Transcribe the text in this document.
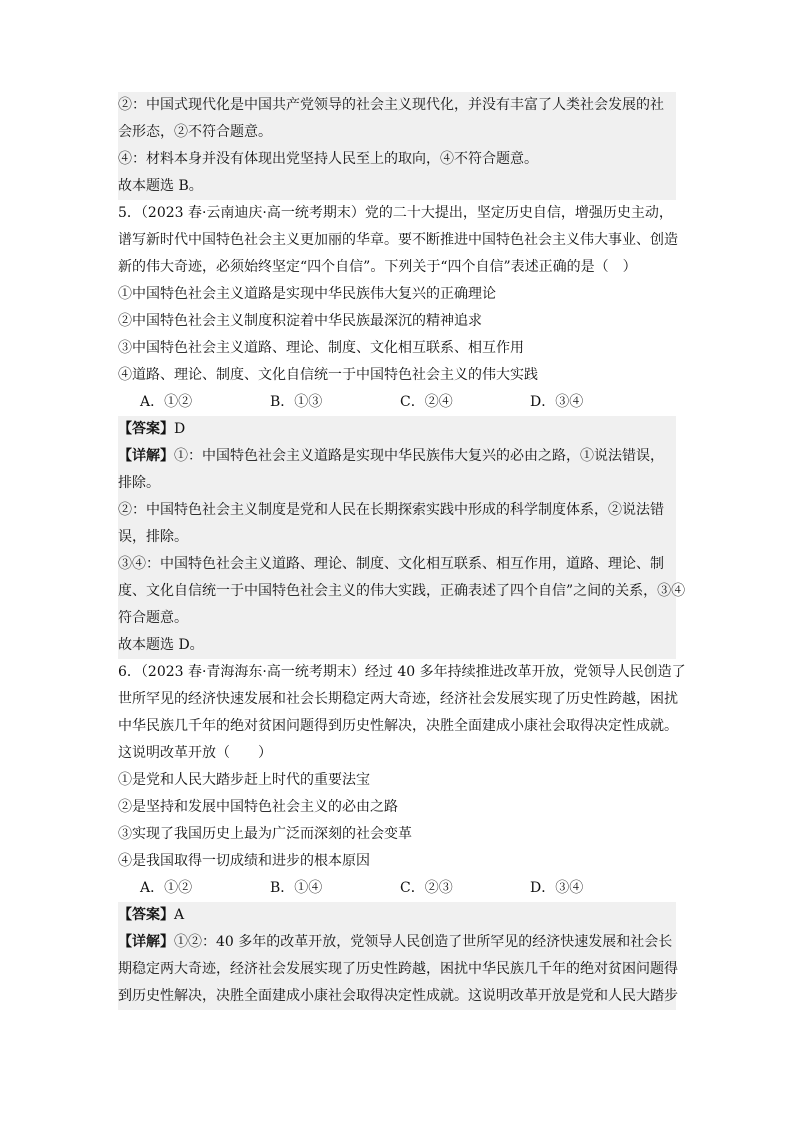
②：中国式现代化是中国共产党领导的社会主义现代化，并没有丰富了人类社会发展的社
会形态，②不符合题意。
④：材料本身并没有体现出党坚持人民至上的取向，④不符合题意。
故本题选 B。
5．（2023 春·云南迪庆·高一统考期末）党的二十大提出，坚定历史自信，增强历史主动，
谱写新时代中国特色社会主义更加丽的华章。要不断推进中国特色社会主义伟大事业、创造
新的伟大奇迹，必须始终坚定“四个自信”。下列关于“四个自信”表述正确的是（　）
①中国特色社会主义道路是实现中华民族伟大复兴的正确理论
②中国特色社会主义制度积淀着中华民族最深沉的精神追求
③中国特色社会主义道路、理论、制度、文化相互联系、相互作用
④道路、理论、制度、文化自信统一于中国特色社会主义的伟大实践
A．①②	B．①③	C．②④	D．③④
【答案】D
【详解】①：中国特色社会主义道路是实现中华民族伟大复兴的必由之路，①说法错误，
排除。
②：中国特色社会主义制度是党和人民在长期探索实践中形成的科学制度体系，②说法错
误，排除。
③④：中国特色社会主义道路、理论、制度、文化相互联系、相互作用，道路、理论、制
度、文化自信统一于中国特色社会主义的伟大实践，正确表述了四个自信”之间的关系，③④
符合题意。
故本题选 D。
6．（2023 春·青海海东·高一统考期末）经过 40 多年持续推进改革开放，党领导人民创造了
世所罕见的经济快速发展和社会长期稳定两大奇迹，经济社会发展实现了历史性跨越，困扰
中华民族几千年的绝对贫困问题得到历史性解决，决胜全面建成小康社会取得决定性成就。
这说明改革开放（　　）
①是党和人民大踏步赶上时代的重要法宝
②是坚持和发展中国特色社会主义的必由之路
③实现了我国历史上最为广泛而深刻的社会变革
④是我国取得一切成绩和进步的根本原因
A．①②	B．①④	C．②③	D．③④
【答案】A
【详解】①②：40 多年的改革开放，党领导人民创造了世所罕见的经济快速发展和社会长
期稳定两大奇迹，经济社会发展实现了历史性跨越，困扰中华民族几千年的绝对贫困问题得
到历史性解决，决胜全面建成小康社会取得决定性成就。这说明改革开放是党和人民大踏步
